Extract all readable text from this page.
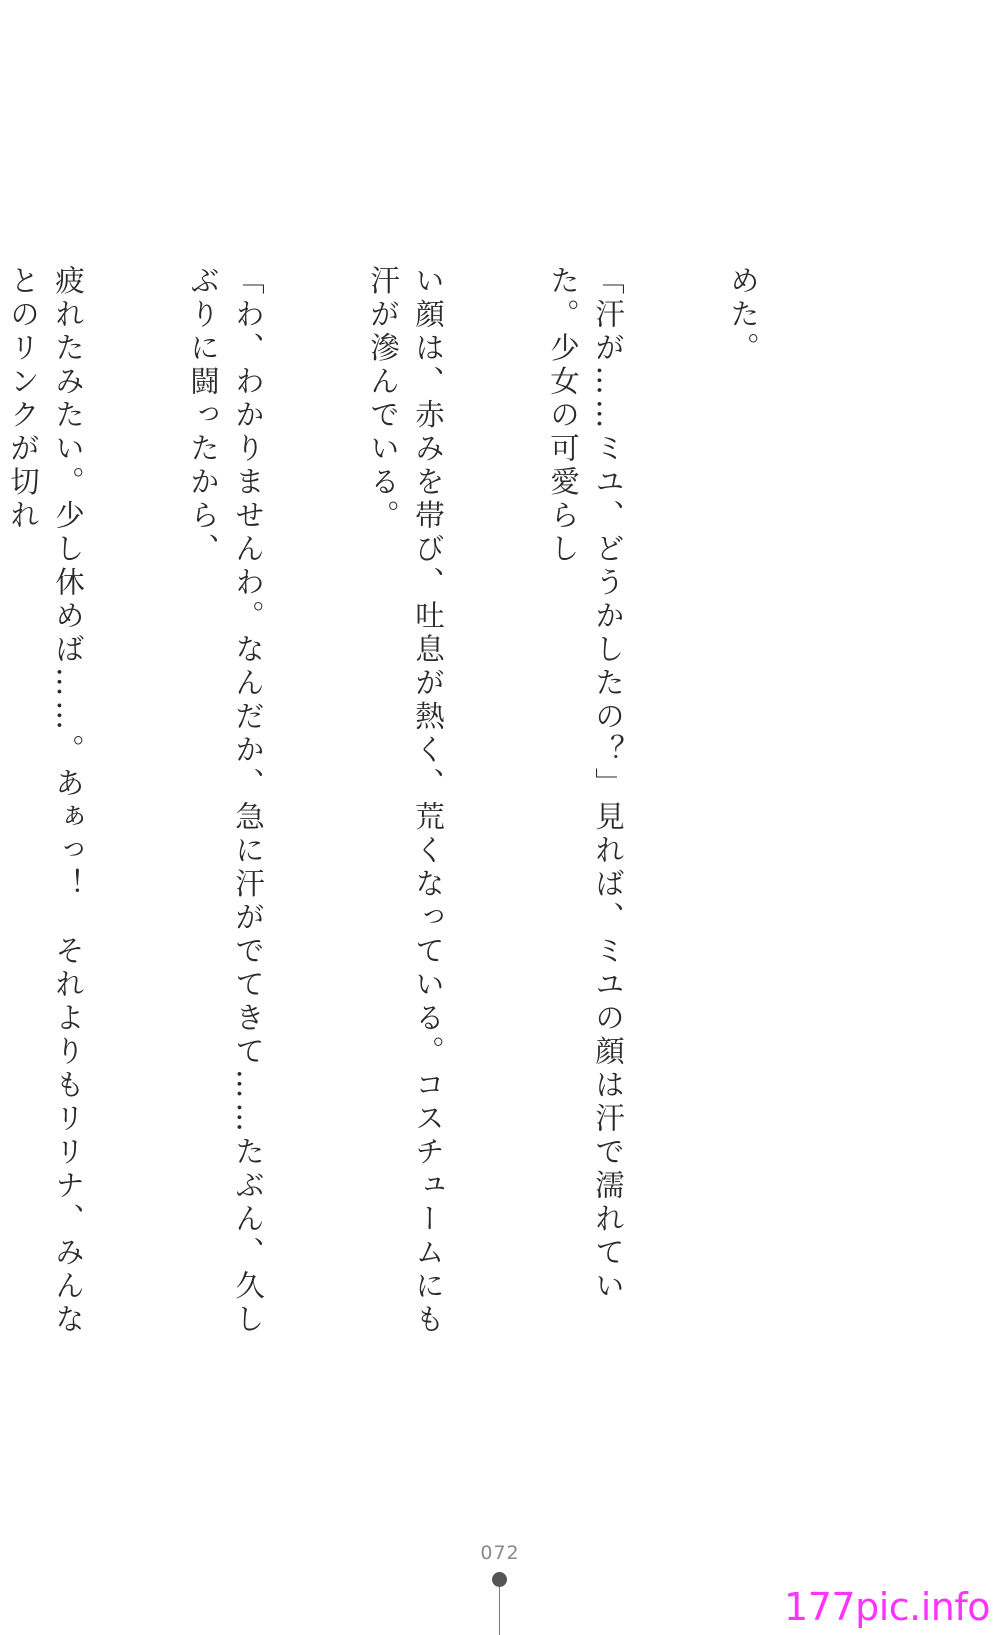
めた。

「汗が……ミユ、どうかしたの？」見れば、ミユの顔は汗で濡れていた。少女の可愛らし

い顔は、赤みを帯び、吐息が熱く、荒くなっている。コスチュームにも汗が滲んでいる。

「わ、わかりませんわ。なんだか、急に汗がでてきて……たぶん、久しぶりに闘ったから、

疲れたみたい。少し休めば……。あぁっ！　それよりもリリナ、みんなとのリンクが切れ

072
177pic.info
